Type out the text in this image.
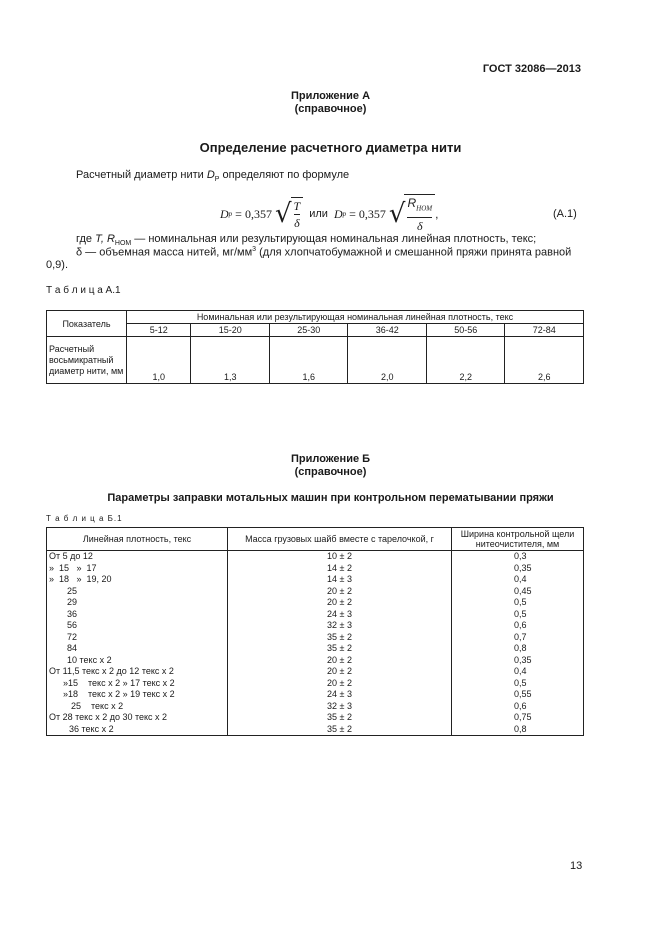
ГОСТ 32086—2013
Приложение А
(справочное)
Определение расчетного диаметра нити
Расчетный диаметр нити $D_P$ определяют по формуле
D p = 0,357 √ $\frac{T}{\delta}$ или D p = 0,357 √ $\frac{R_{НОМ}}{\delta}$ ,	(А.1)
где T, $R_{НОМ}$ — номинальная или результирующая номинальная линейная плотность, текс;
δ — объемная масса нитей, $мг/мм^3$ (для хлопчатобумажной и смешанной пряжи принята равной
0,9).
Т а б л и ц а А.1
Показатель	Номинальная или результирующая номинальная линейная плотность, текс					
	5-12	15-20	25-30	36-42	50-56	72-84
Расчетный восьмикратный диаметр нити, мм	1,0	1,3	1,6	2,0	2,2	2,6
Приложение Б
(справочное)
Параметры заправки мотальных машин при контрольном перематывании пряжи
Т а б л и ц а Б.1
Линейная плотность, текс	Масса грузовых шайб вместе с тарелочкой, г	Ширина контрольной щели нитеочистителя, мм
От 5 до 12	10 ± 2	0,3
»  15   »  17	14 ± 2	0,35
»  18   »  19, 20	14 ± 3	0,4
25	20 ± 2	0,45
29	20 ± 2	0,5
36	24 ± 3	0,5
56	32 ± 3	0,6
72	35 ± 2	0,7
84	35 ± 2	0,8
10 текс х 2	20 ± 2	0,35
От 11,5 текс х 2 до 12 текс х 2	20 ± 2	0,4
»15    текс х 2 » 17 текс х 2	20 ± 2	0,5
»18    текс х 2 » 19 текс х 2	24 ± 3	0,55
25    текс х 2	32 ± 3	0,6
От 28 текс х 2 до 30 текс х 2	35 ± 2	0,75
36 текс х 2	35 ± 2	0,8
13
